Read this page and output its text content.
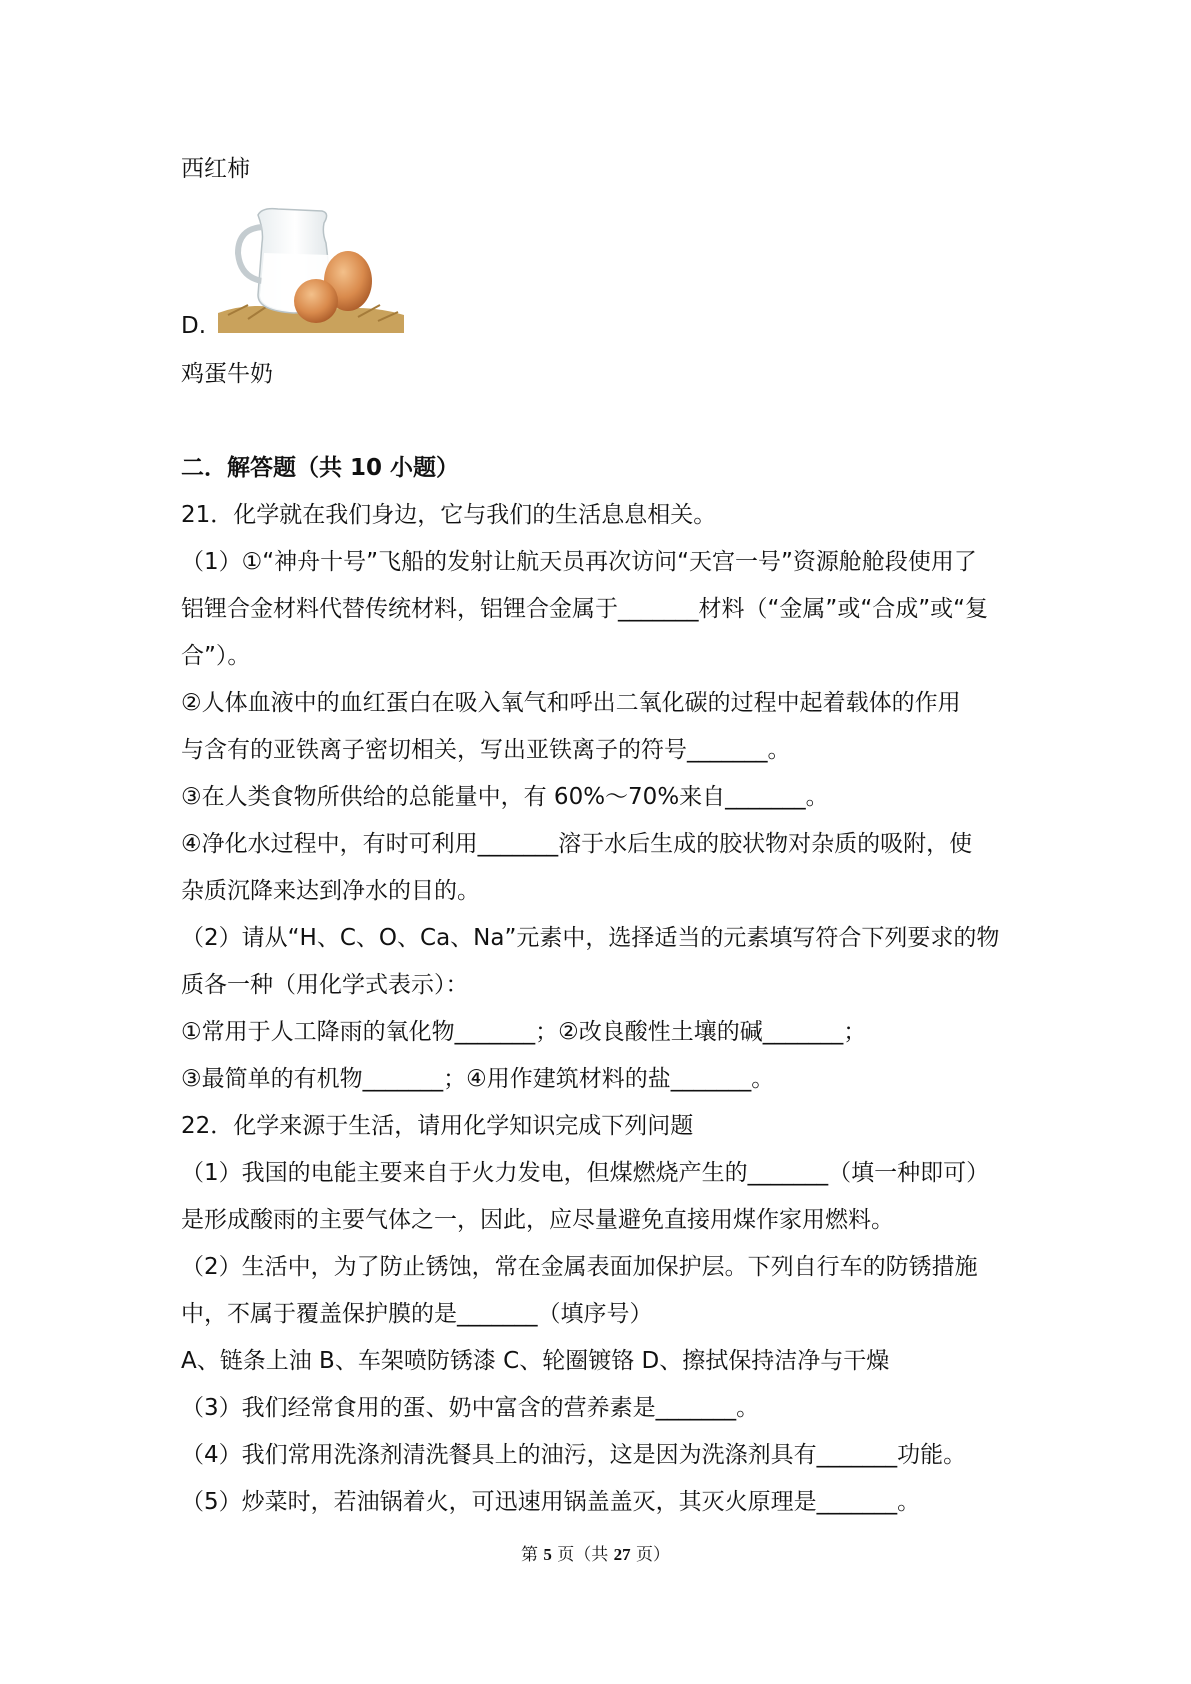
西红柿
D.
鸡蛋牛奶
二．解答题（共 10 小题）
21．化学就在我们身边，它与我们的生活息息相关。
（1）①“神舟十号”飞船的发射让航天员再次访问“天宫一号”资源舱舱段使用了
铝锂合金材料代替传统材料，铝锂合金属于_______材料（“金属”或“合成”或“复
合”）。
②人体血液中的血红蛋白在吸入氧气和呼出二氧化碳的过程中起着载体的作用
与含有的亚铁离子密切相关，写出亚铁离子的符号_______。
③在人类食物所供给的总能量中，有 60%～70%来自_______。
④净化水过程中，有时可利用_______溶于水后生成的胶状物对杂质的吸附，使
杂质沉降来达到净水的目的。
（2）请从“H、C、O、Ca、Na”元素中，选择适当的元素填写符合下列要求的物
质各一种（用化学式表示）：
①常用于人工降雨的氧化物_______；②改良酸性土壤的碱_______；
③最简单的有机物_______；④用作建筑材料的盐_______。
22．化学来源于生活，请用化学知识完成下列问题
（1）我国的电能主要来自于火力发电，但煤燃烧产生的_______（填一种即可）
是形成酸雨的主要气体之一，因此，应尽量避免直接用煤作家用燃料。
（2）生活中，为了防止锈蚀，常在金属表面加保护层。下列自行车的防锈措施
中，不属于覆盖保护膜的是_______（填序号）
A、链条上油 B、车架喷防锈漆 C、轮圈镀铬 D、擦拭保持洁净与干燥
（3）我们经常食用的蛋、奶中富含的营养素是_______。
（4）我们常用洗涤剂清洗餐具上的油污，这是因为洗涤剂具有_______功能。
（5）炒菜时，若油锅着火，可迅速用锅盖盖灭，其灭火原理是_______。
第 5 页（共 27 页）
